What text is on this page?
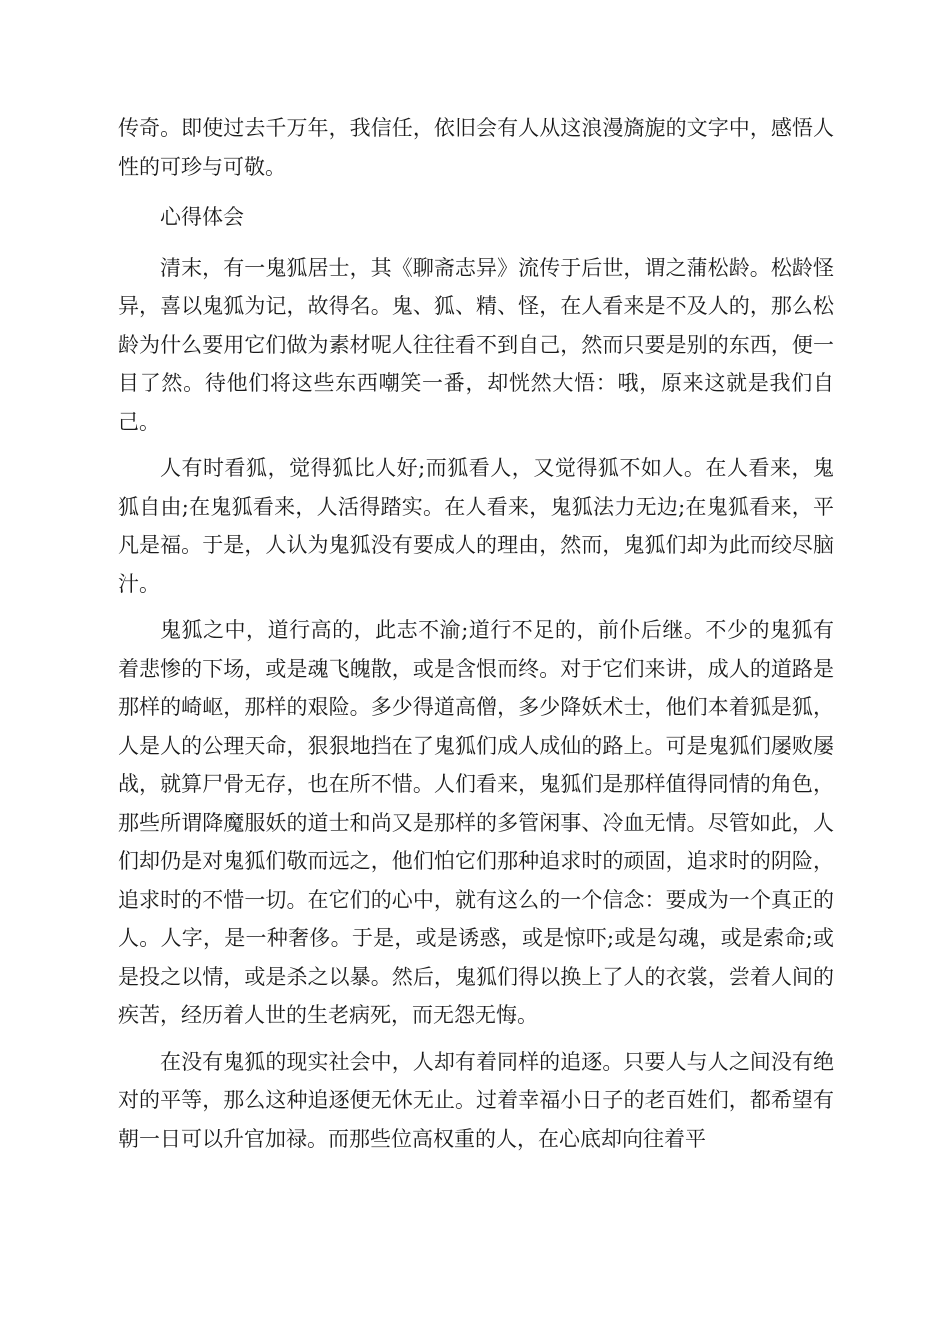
传奇。即使过去千万年，我信任，依旧会有人从这浪漫旖旎的文字中，感悟人性的可珍与可敬。

心得体会

清末，有一鬼狐居士，其《聊斋志异》流传于后世，谓之蒲松龄。松龄怪异，喜以鬼狐为记，故得名。鬼、狐、精、怪，在人看来是不及人的，那么松龄为什么要用它们做为素材呢人往往看不到自己，然而只要是别的东西，便一目了然。待他们将这些东西嘲笑一番，却恍然大悟：哦，原来这就是我们自己。

人有时看狐，觉得狐比人好;而狐看人，又觉得狐不如人。在人看来，鬼狐自由;在鬼狐看来，人活得踏实。在人看来，鬼狐法力无边;在鬼狐看来，平凡是福。于是，人认为鬼狐没有要成人的理由，然而，鬼狐们却为此而绞尽脑汁。

鬼狐之中，道行高的，此志不渝;道行不足的，前仆后继。不少的鬼狐有着悲惨的下场，或是魂飞魄散，或是含恨而终。对于它们来讲，成人的道路是那样的崎岖，那样的艰险。多少得道高僧，多少降妖术士，他们本着狐是狐，人是人的公理天命，狠狠地挡在了鬼狐们成人成仙的路上。可是鬼狐们屡败屡战，就算尸骨无存，也在所不惜。人们看来，鬼狐们是那样值得同情的角色，那些所谓降魔服妖的道士和尚又是那样的多管闲事、冷血无情。尽管如此，人们却仍是对鬼狐们敬而远之，他们怕它们那种追求时的顽固，追求时的阴险，追求时的不惜一切。在它们的心中，就有这么的一个信念：要成为一个真正的人。人字，是一种奢侈。于是，或是诱惑，或是惊吓;或是勾魂，或是索命;或是投之以情，或是杀之以暴。然后，鬼狐们得以换上了人的衣裳，尝着人间的疾苦，经历着人世的生老病死，而无怨无悔。

在没有鬼狐的现实社会中，人却有着同样的追逐。只要人与人之间没有绝对的平等，那么这种追逐便无休无止。过着幸福小日子的老百姓们，都希望有朝一日可以升官加禄。而那些位高权重的人，在心底却向往着平
